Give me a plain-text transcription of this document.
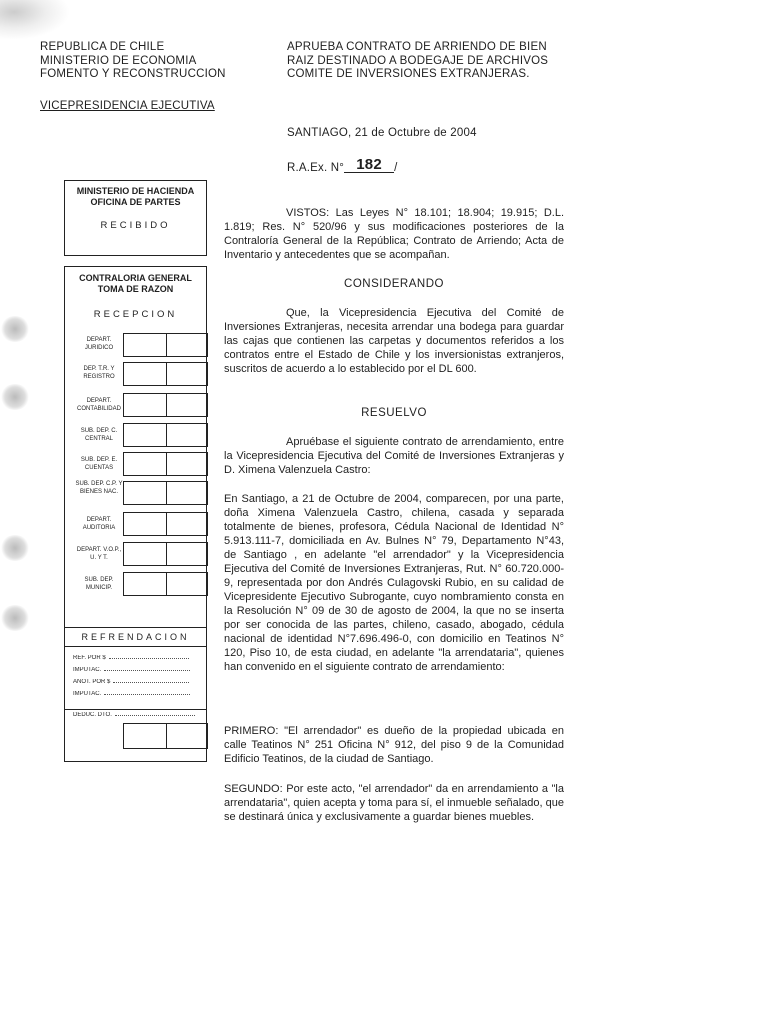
REPUBLICA DE CHILE
MINISTERIO DE ECONOMIA
FOMENTO Y RECONSTRUCCION
APRUEBA CONTRATO DE ARRIENDO DE BIEN
RAIZ DESTINADO A BODEGAJE DE ARCHIVOS
COMITE DE INVERSIONES EXTRANJERAS.
VICEPRESIDENCIA EJECUTIVA
SANTIAGO, 21 de Octubre de 2004
R.A.Ex. N° 182 /
MINISTERIO DE HACIENDA
OFICINA DE PARTES
RECIBIDO
CONTRALORIA GENERAL
TOMA DE RAZON
RECEPCION
DEPART. JURIDICO
DEP. T.R. Y REGISTRO
DEPART. CONTABILIDAD
SUB. DEP. C. CENTRAL
SUB. DEP. E. CUENTAS
SUB. DEP. C.P. Y BIENES NAC.
DEPART. AUDITORIA
DEPART. V.O.P., U. Y T.
SUB. DEP. MUNICIP.
REFRENDACION
REF. POR $
IMPUTAC.
ANOT. POR $
IMPUTAC.
DEDUC. DTO.
VISTOS: Las Leyes N° 18.101; 18.904; 19.915; D.L. 1.819; Res. N° 520/96 y sus modificaciones posteriores de la Contraloría General de la República; Contrato de Arriendo; Acta de Inventario y antecedentes que se acompañan.
CONSIDERANDO
Que, la Vicepresidencia Ejecutiva del Comité de Inversiones Extranjeras, necesita arrendar una bodega para guardar las cajas que contienen las carpetas y documentos referidos a los contratos entre el Estado de Chile y los inversionistas extranjeros, suscritos de acuerdo a lo establecido por el DL 600.
RESUELVO
Apruébase el siguiente contrato de arrendamiento, entre la Vicepresidencia Ejecutiva del Comité de Inversiones Extranjeras y D. Ximena Valenzuela Castro:
En Santiago, a 21 de Octubre de 2004, comparecen, por una parte, doña Ximena Valenzuela Castro, chilena, casada y separada totalmente de bienes, profesora, Cédula Nacional de Identidad N° 5.913.111-7, domiciliada en Av. Bulnes N° 79, Departamento N°43, de Santiago , en adelante "el arrendador" y la Vicepresidencia Ejecutiva del Comité de Inversiones Extranjeras, Rut. N° 60.720.000-9, representada por don Andrés Culagovski Rubio, en su calidad de Vicepresidente Ejecutivo Subrogante, cuyo nombramiento consta en la Resolución N° 09 de 30 de agosto de 2004, la que no se inserta por ser conocida de las partes, chileno, casado, abogado, cédula nacional de identidad N°7.696.496-0, con domicilio en Teatinos N° 120, Piso 10, de esta ciudad, en adelante "la arrendataria", quienes han convenido en el siguiente contrato de arrendamiento:
PRIMERO: "El arrendador" es dueño de la propiedad ubicada en calle Teatinos N° 251 Oficina N° 912, del piso 9 de la Comunidad Edificio Teatinos, de la ciudad de Santiago.
SEGUNDO: Por este acto, "el arrendador" da en arrendamiento a "la arrendataria", quien acepta y toma para sí, el inmueble señalado, que se destinará única y exclusivamente a guardar bienes muebles.
